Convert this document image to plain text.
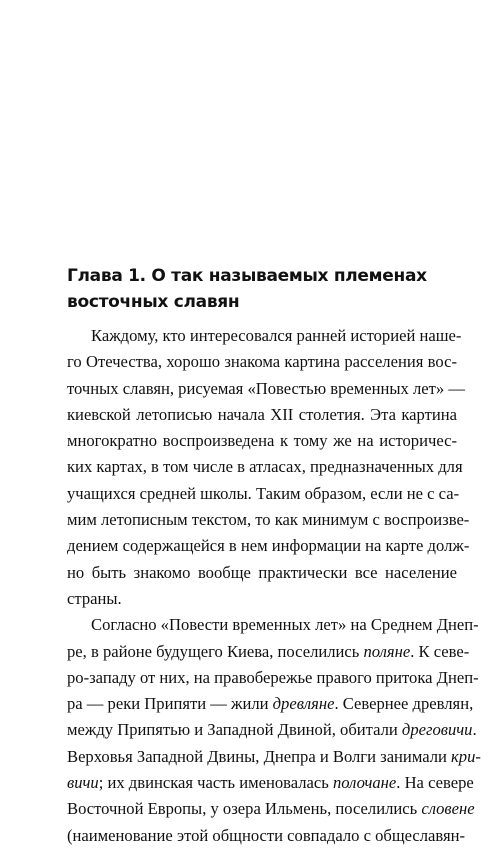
Глава 1. О так называемых племенах
восточных славян
Каждому, кто интересовался ранней историей наше-
го Отечества, хорошо знакома картина расселения вос-
точных славян, рисуемая «Повестью временных лет» —
киевской летописью начала XII столетия. Эта картина
многократно воспроизведена к тому же на историчес-
ких картах, в том числе в атласах, предназначенных для
учащихся средней школы. Таким образом, если не с са-
мим летописным текстом, то как минимум с воспроизве-
дением содержащейся в нем информации на карте долж-
но быть знакомо вообще практически все население
страны.
Согласно «Повести временных лет» на Среднем Днеп-
ре, в районе будущего Киева, поселились поляне. К севе-
ро-западу от них, на правобережье правого притока Днеп-
ра — реки Припяти — жили древляне. Севернее древлян,
между Припятью и Западной Двиной, обитали дреговичи.
Верховья Западной Двины, Днепра и Волги занимали кри-
вичи; их двинская часть именовалась полочане. На севере
Восточной Европы, у озера Ильмень, поселились словене
(наименование этой общности совпадало с общеславян-
